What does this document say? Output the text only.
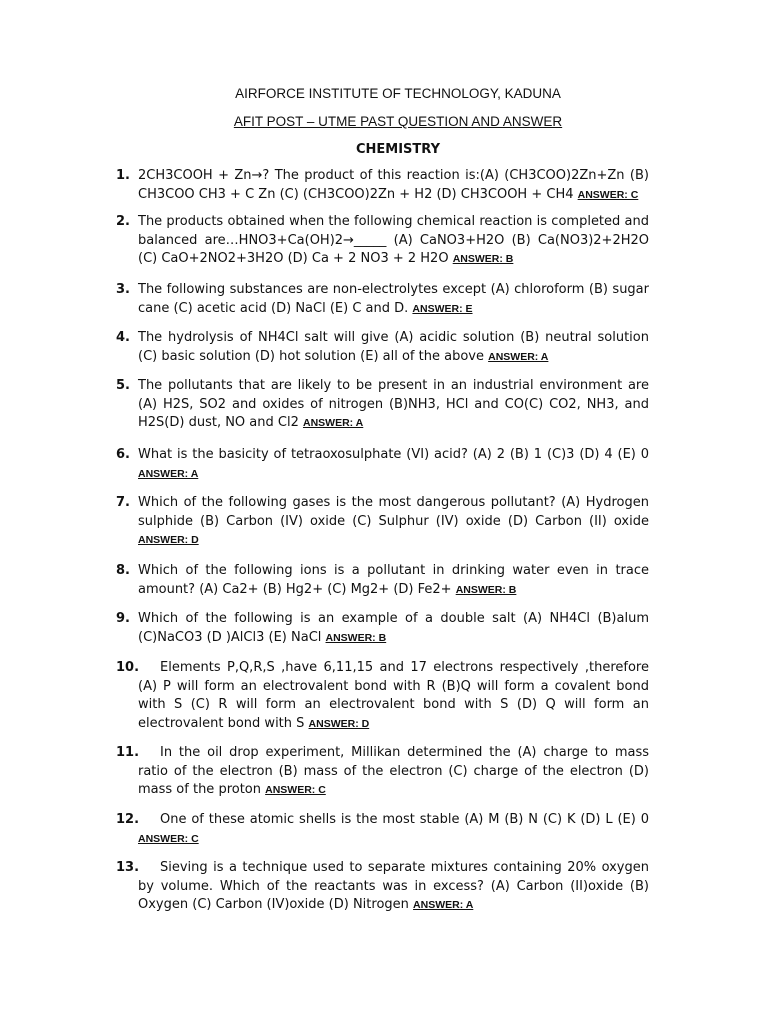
AIRFORCE INSTITUTE OF TECHNOLOGY, KADUNA
AFIT POST – UTME PAST QUESTION AND ANSWER
CHEMISTRY
1. 2CH3COOH + Zn→? The product of this reaction is:(A) (CH3COO)2Zn+Zn (B) CH3COO CH3 + C Zn (C) (CH3COO)2Zn + H2 (D) CH3COOH + CH4 ANSWER: C
2. The products obtained when the following chemical reaction is completed and balanced are…HNO3+Ca(OH)2→_____ (A) CaNO3+H2O (B) Ca(NO3)2+2H2O (C) CaO+2NO2+3H2O (D) Ca + 2 NO3 + 2 H2O ANSWER: B
3. The following substances are non-electrolytes except (A) chloroform (B) sugar cane (C) acetic acid (D) NaCl (E) C and D. ANSWER: E
4. The hydrolysis of NH4Cl salt will give (A) acidic solution (B) neutral solution (C) basic solution (D) hot solution (E) all of the above ANSWER: A
5. The pollutants that are likely to be present in an industrial environment are (A) H2S, SO2 and oxides of nitrogen (B)NH3, HCl and CO(C) CO2, NH3, and H2S(D) dust, NO and Cl2 ANSWER: A
6. What is the basicity of tetraoxosulphate (VI) acid? (A) 2 (B) 1 (C)3 (D) 4 (E) 0 ANSWER: A
7. Which of the following gases is the most dangerous pollutant? (A) Hydrogen sulphide (B) Carbon (IV) oxide (C) Sulphur (IV) oxide (D) Carbon (II) oxide ANSWER: D
8. Which of the following ions is a pollutant in drinking water even in trace amount? (A) Ca2+ (B) Hg2+ (C) Mg2+ (D) Fe2+ ANSWER: B
9. Which of the following is an example of a double salt (A) NH4Cl (B)alum (C)NaCO3 (D )AlCl3 (E) NaCl ANSWER: B
10.	Elements P,Q,R,S ,have 6,11,15 and 17 electrons respectively ,therefore (A) P will form an electrovalent bond with R (B)Q will form a covalent bond with S (C) R will form an electrovalent bond with S (D) Q will form an electrovalent bond with S ANSWER: D
11.	In the oil drop experiment, Millikan determined the (A) charge to mass ratio of the electron (B) mass of the electron (C) charge of the electron (D) mass of the proton ANSWER: C
12.	One of these atomic shells is the most stable (A) M (B) N (C) K (D) L (E) 0 ANSWER: C
13.	Sieving is a technique used to separate mixtures containing 20% oxygen by volume. Which of the reactants was in excess? (A) Carbon (II)oxide (B) Oxygen (C) Carbon (IV)oxide (D) Nitrogen ANSWER: A
